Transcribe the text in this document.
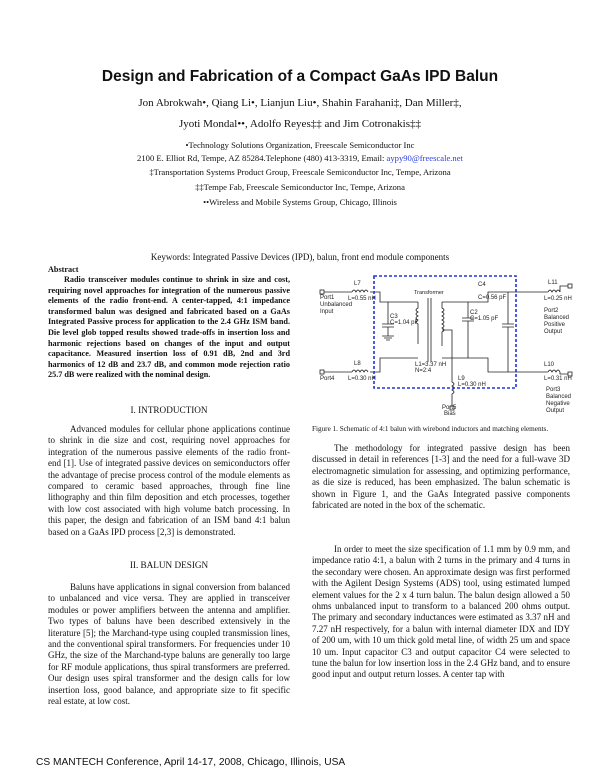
Design and Fabrication of a Compact GaAs IPD Balun
Jon Abrokwah•, Qiang Li•, Lianjun Liu•, Shahin Farahani‡, Dan Miller‡,
Jyoti Mondal••, Adolfo Reyes‡‡ and Jim Cotronakis‡‡
•Technology Solutions Organization, Freescale Semiconductor Inc
2100 E. Elliot Rd, Tempe, AZ 85284.Telephone (480) 413-3319, Email: aypy90@freescale.net
‡Transportation Systems Product Group, Freescale Semiconductor Inc, Tempe, Arizona
‡‡Tempe Fab, Freescale Semiconductor Inc, Tempe, Arizona
••Wireless and Mobile Systems Group, Chicago, Illinois
Keywords: Integrated Passive Devices (IPD), balun, front end module components
Abstract

Radio transceiver modules continue to shrink in size and cost, requiring novel approaches for integration of the numerous passive elements of the radio front-end. A center-tapped, 4:1 impedance transformed balun was designed and fabricated based on a GaAs Integrated Passive process for application to the 2.4 GHz ISM band. Die level glob topped results showed trade-offs in insertion loss and harmonic rejections based on changes of the input and output capacitance. Measured insertion loss of 0.91 dB, 2nd and 3rd harmonics of 12 dB and 23.7 dB, and common mode rejection ratio 25.7 dB were realized with the nominal design.

I. INTRODUCTION

Advanced modules for cellular phone applications continue to shrink in die size and cost, requiring novel approaches for integration of the numerous passive elements of the radio front-end [1]. Use of integrated passive devices on semiconductors offer the advantage of precise process control of the module elements as compared to ceramic based approaches, through fine line lithography and thin film deposition and etch processes, together with low cost associated with high volume batch processing. In this paper, the design and fabrication of an ISM band 4:1 balun based on a GaAs IPD process [2,3] is demonstrated.

II. BALUN DESIGN

Baluns have applications in signal conversion from balanced to unbalanced and vice versa. They are applied in transceiver modules or power amplifiers between the antenna and amplifier. Two types of baluns have been described extensively in the literature [5]; the Marchand-type using coupled transmission lines, and the conventional spiral transformers. For frequencies under 10 GHz, the size of the Marchand-type baluns are generally too large for RF module applications, thus spiral transformers are preferred. Our design uses spiral transformer and the design calls for low insertion loss, good balance, and appropriate size to fit specific real estate, at low cost.

Port1
Unbalanced
Input
L7
L=0.55 nH
C3
C=1.04 pF
L1=3.37 nH
N=2:4
Port4
L8
L=0.30 nH
C2
C=1.05 pF
C4
C=0.56 pF
L11
L=0.25 nH
Port2
Balanced
Positive
Output
L10
L=0.31 nH
L9
L=0.30 nH
Port3
Balanced
Negative
Output
Port5
Bias
Transformer
Figure 1. Schematic of 4:1 balun with wirebond inductors and matching elements.

The methodology for integrated passive design has been discussed in detail in references [1-3] and the need for a full-wave 3D electromagnetic simulation for assessing, and optimizing performance, as die size is reduced, has been emphasized. The balun schematic is shown in Figure 1, and the GaAs Integrated passive components fabricated are noted in the box of the schematic.

In order to meet the size specification of 1.1 mm by 0.9 mm, and impedance ratio 4:1, a balun with 2 turns in the primary and 4 turns in the secondary were chosen. An approximate design was first performed with the Agilent Design Systems (ADS) tool, using estimated lumped element values for the 2 x 4 turn balun. The balun design allowed a 50 ohms unbalanced input to transform to a balanced 200 ohms output. The primary and secondary inductances were estimated as 3.37 nH and 7.27 nH respectively, for a balun with internal diameter IDX and IDY of 200 um, with 10 um thick gold metal line, of width 25 um and space 10 um. Input capacitor C3 and output capacitor C4 were selected to tune the balun for low insertion loss in the 2.4 GHz band, and to ensure good input and output return losses. A center tap with

CS MANTECH Conference, April 14-17, 2008, Chicago, Illinois, USA
